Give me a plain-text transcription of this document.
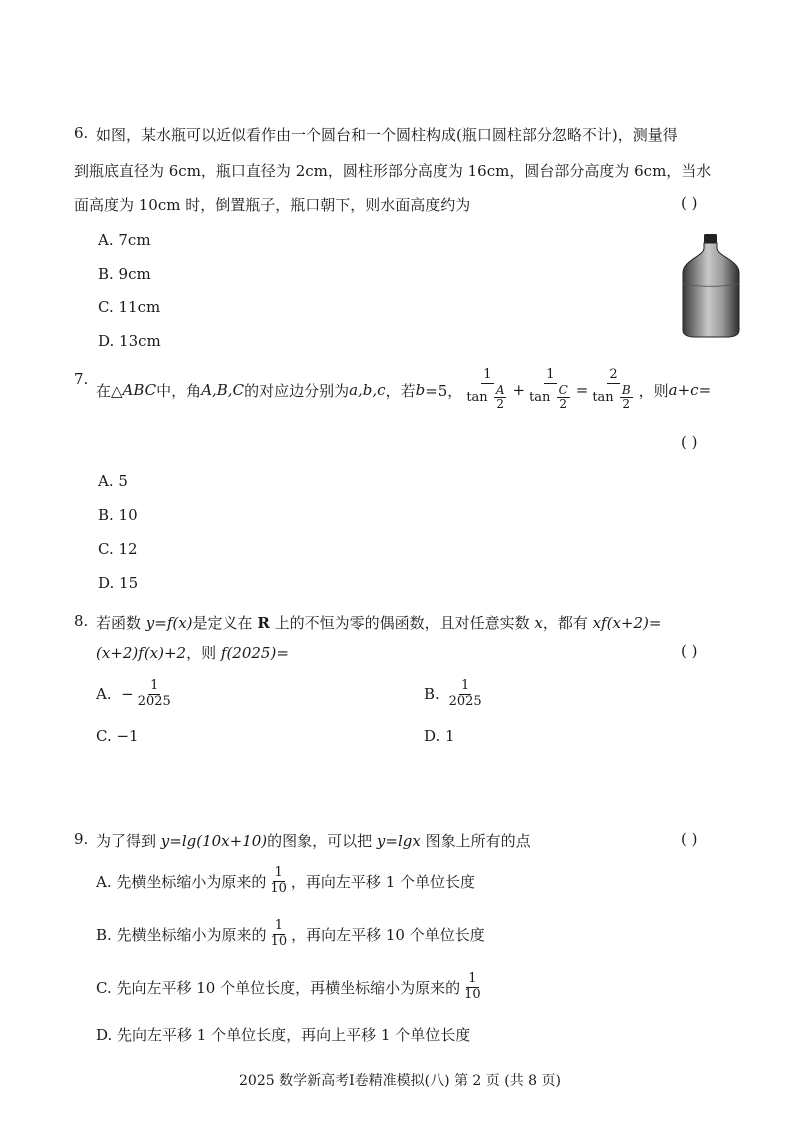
6. 如图，某水瓶可以近似看作由一个圆台和一个圆柱构成(瓶口圆柱部分忽略不计)，测量得
到瓶底直径为 6cm，瓶口直径为 2cm，圆柱形部分高度为 16cm，圆台部分高度为 6cm，当水
面高度为 10cm 时，倒置瓶子，瓶口朝下，则水面高度约为	( )
A. 7cm
B. 9cm
C. 11cm
D. 13cm
7.
在△ ABC 中，角 A,B,C 的对应边分别为 a,b,c ，若 b =5， 1
tan
$\frac{A}{2} + 1$
tan
$\frac{C}{2} = 2$
tan
$\frac{B}{2}$ ，则 a+c =
( )
A. 5
B. 10
C. 12
D. 15
8. 若函数 y=f(x)是定义在 R 上的不恒为零的偶函数，且对任意实数 x，都有 xf(x+2)=
(x+2)f(x)+2，则 f(2025)=	( )
A.
− $\frac{1}{2025}$	B.
$\frac{1}{2025}$
C. −1	D. 1
9. 为了得到 y=lg(10x+10)的图象，可以把 y=lgx 图象上所有的点	( )
A. 先横坐标缩小为原来的 $\frac{1}{10}$ ，再向左平移 1 个单位长度
B. 先横坐标缩小为原来的 $\frac{1}{10}$ ，再向左平移 10 个单位长度
C. 先向左平移 10 个单位长度，再横坐标缩小为原来的 $\frac{1}{10}$
D. 先向左平移 1 个单位长度，再向上平移 1 个单位长度
2025 数学新高考Ⅰ卷精准模拟(八) 第 2 页 (共 8 页)
